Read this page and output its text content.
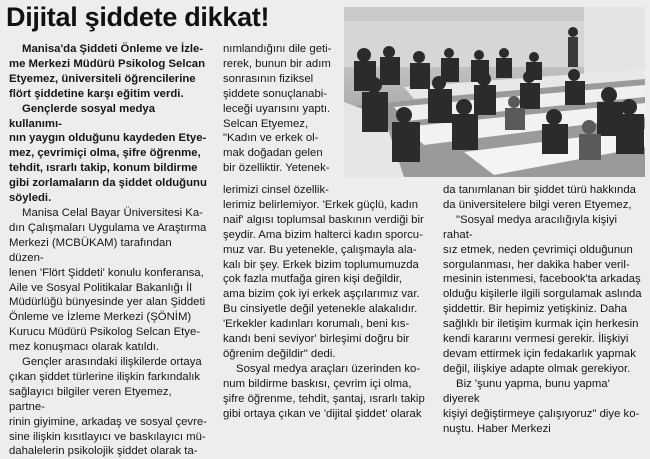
Dijital şiddete dikkat!

Manisa'da Şiddeti Önleme ve İzle-

me Merkezi Müdürü Psikolog Selcan

Etyemez, üniversiteli öğrencilerine

flört şiddetine karşı eğitim verdi.

Gençlerde sosyal medya kullanımı-

nın yaygın olduğunu kaydeden Etye-

mez, çevrimiçi olma, şifre öğrenme,

tehdit, ısrarlı takip, konum bildirme

gibi zorlamaların da şiddet olduğunu

söyledi.

Manisa Celal Bayar Üniversitesi Ka-

dın Çalışmaları Uygulama ve Araştırma

Merkezi (MCBÜKAM) tarafından düzen-

lenen 'Flört Şiddeti' konulu konferansa,

Aile ve Sosyal Politikalar Bakanlığı İl

Müdürlüğü bünyesinde yer alan Şiddeti

Önleme ve İzleme Merkezi (ŞÖNİM)

Kurucu Müdürü Psikolog Selcan Etye-

mez konuşmacı olarak katıldı.

Gençler arasındaki ilişkilerde ortaya

çıkan şiddet türlerine ilişkin farkındalık

sağlayıcı bilgiler veren Etyemez, partne-

rinin giyimine, arkadaş ve sosyal çevre-

sine ilişkin kısıtlayıcı ve baskılayıcı mü-

dahalelerin psikolojik şiddet olarak ta-

nımlandığını dile geti-

rerek, bunun bir adım

sonrasının fiziksel

şiddete sonuçlanabi-

leceği uyarısını yaptı.

Selcan Etyemez,

"Kadın ve erkek ol-

mak doğadan gelen

bir özelliktir. Yetenek-

lerimizi cinsel özellik-

lerimiz belirlemiyor. 'Erkek güçlü, kadın

naif' algısı toplumsal baskının verdiği bir

şeydir. Ama bizim halterci kadın sporcu-

muz var. Bu yetenekle, çalışmayla ala-

kalı bir şey. Erkek bizim toplumumuzda

çok fazla mutfağa giren kişi değildir,

ama bizim çok iyi erkek aşçılarımız var.

Bu cinsiyetle değil yetenekle alakalıdır.

'Erkekler kadınları korumalı, beni kıs-

kandı beni seviyor' birleşimi doğru bir

öğrenim değildir" dedi.

Sosyal medya araçları üzerinden ko-

num bildirme baskısı, çevrim içi olma,

şifre öğrenme, tehdit, şantaj, ısrarlı takip

gibi ortaya çıkan ve 'dijital şiddet' olarak

da tanımlanan bir şiddet türü hakkında

da üniversitelere bilgi veren Etyemez,

"Sosyal medya aracılığıyla kişiyi rahat-

sız etmek, neden çevrimiçi olduğunun

sorgulanması, her dakika haber veril-

mesinin istenmesi, facebook'ta arkadaş

olduğu kişilerle ilgili sorgulamak aslında

şiddettir. Bir hepimiz yetişkiniz. Daha

sağlıklı bir iletişim kurmak için herkesin

kendi kararını vermesi gerekir. İlişkiyi

devam ettirmek için fedakarlık yapmak

değil, ilişkiye adapte olmak gerekiyor.

Biz 'şunu yapma, bunu yapma' diyerek

kişiyi değiştirmeye çalışıyoruz" diye ko-

nuştu. Haber Merkezi
